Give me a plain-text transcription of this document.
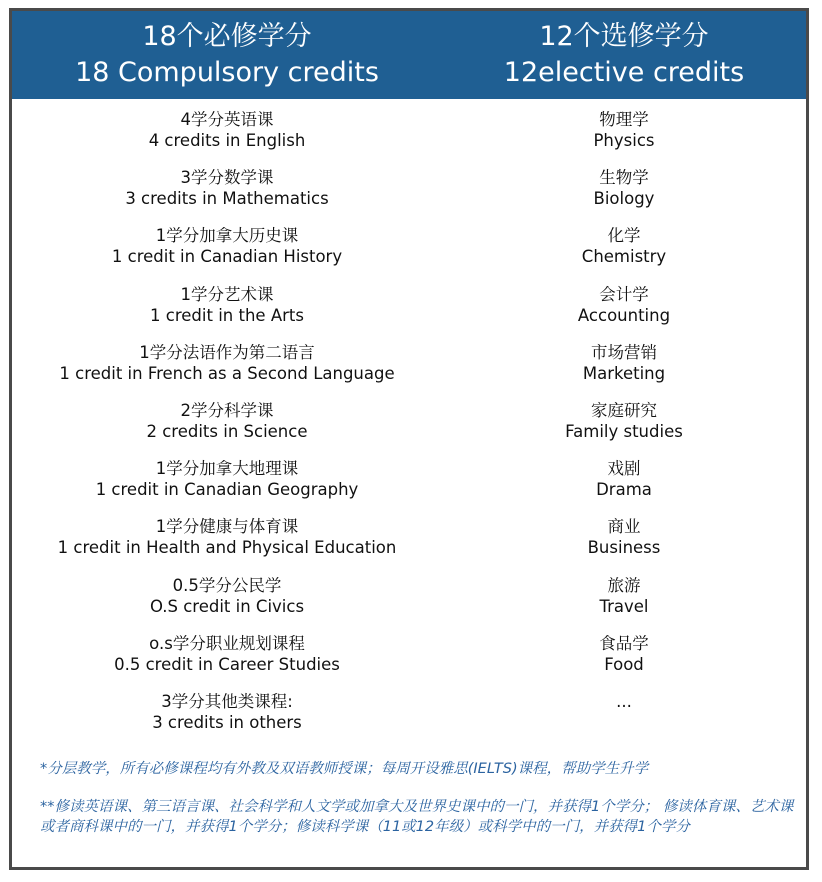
18个必修学分
18 Compulsory credits
12个选修学分
12elective credits
4学分英语课
4 credits in English
3学分数学课
3 credits in Mathematics
1学分加拿大历史课
1 credit in Canadian History
1学分艺术课
1 credit in the Arts
1学分法语作为第二语言
1 credit in French as a Second Language
2学分科学课
2 credits in Science
1学分加拿大地理课
1 credit in Canadian Geography
1学分健康与体育课
1 credit in Health and Physical Education
0.5学分公民学
O.S credit in Civics
o.s学分职业规划课程
0.5 credit in Career Studies
3学分其他类课程:
3 credits in others
物理学
Physics
生物学
Biology
化学
Chemistry
会计学
Accounting
市场营销
Marketing
家庭研究
Family studies
戏剧
Drama
商业
Business
旅游
Travel
食品学
Food
...

*分层教学，所有必修课程均有外教及双语教师授课；每周开设雅思(IELTS)课程，帮助学生升学

**修读英语课、第三语言课、社会科学和人文学或加拿大及世界史课中的一门，并获得1个学分； 修读体育课、艺术课或者商科课中的一门，并获得1个学分；修读科学课（11或12年级）或科学中的一门，并获得1个学分
